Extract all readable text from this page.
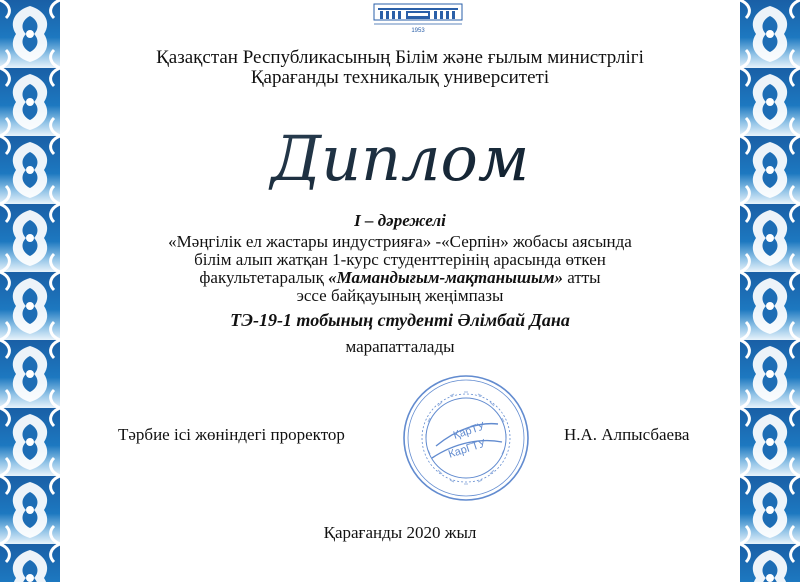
1953
Қазақстан Республикасының Білім және ғылым министрлігі
Қарағанды техникалық университеті
Диплом
I – дәрежелі
«Мәңгілік ел жастары индустрияға» -«Серпін» жобасы аясында
білім алып жатқан 1-курс студенттерінің арасында өткен
факультетаралық «Мамандығым-мақтанышым» атты
эссе байқауының жеңімпазы
ТЭ-19-1 тобының студенті Әлімбай Дана
марапатталады
Тәрбие ісі жөніндегі проректор	Н.А. Алпысбаева
ҚарТУ
КарГТУ
Қарағанды 2020 жыл
